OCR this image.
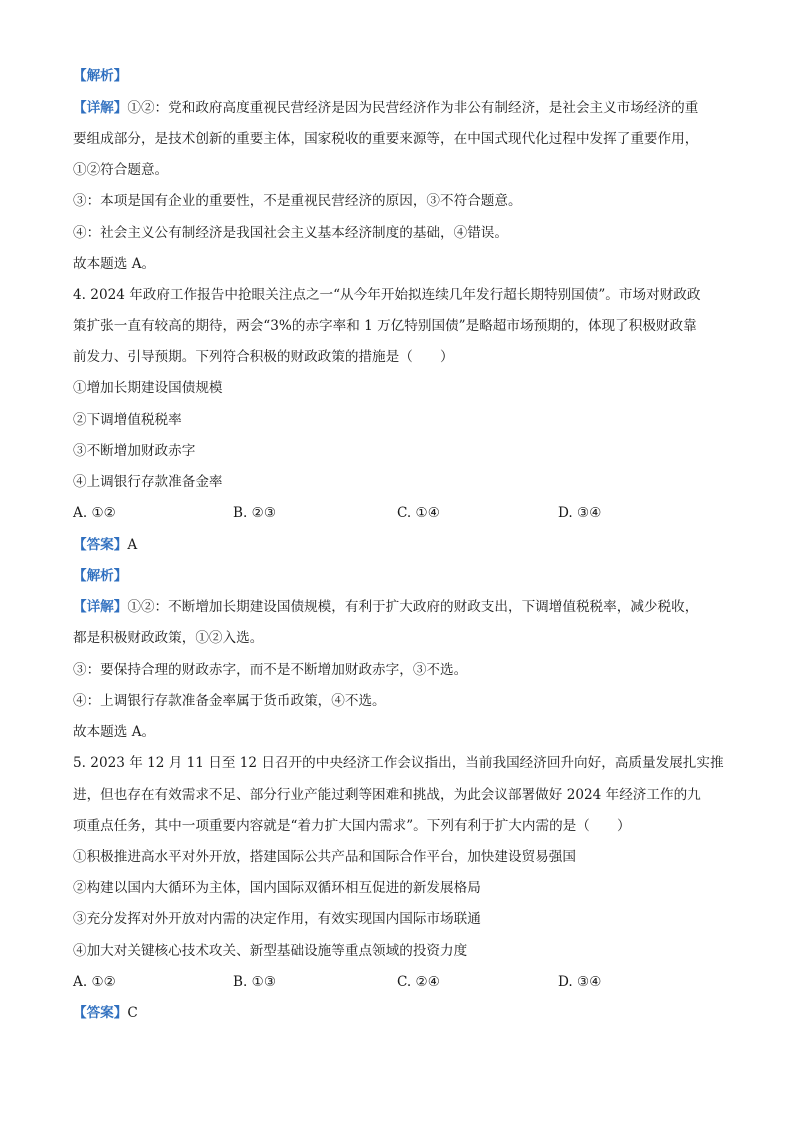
【解析】
【详解】①②：党和政府高度重视民营经济是因为民营经济作为非公有制经济，是社会主义市场经济的重
要组成部分，是技术创新的重要主体，国家税收的重要来源等，在中国式现代化过程中发挥了重要作用，
①②符合题意。
③：本项是国有企业的重要性，不是重视民营经济的原因，③不符合题意。
④：社会主义公有制经济是我国社会主义基本经济制度的基础，④错误。
故本题选 A。
4. 2024 年政府工作报告中抢眼关注点之一“从今年开始拟连续几年发行超长期特别国债”。市场对财政政
策扩张一直有较高的期待，两会“3%的赤字率和 1 万亿特别国债”是略超市场预期的，体现了积极财政靠
前发力、引导预期。下列符合积极的财政政策的措施是（　　）
①增加长期建设国债规模
②下调增值税税率
③不断增加财政赤字
④上调银行存款准备金率
A. ①②	B. ②③	C. ①④	D. ③④
【答案】A
【解析】
【详解】①②：不断增加长期建设国债规模，有利于扩大政府的财政支出，下调增值税税率，减少税收，
都是积极财政政策，①②入选。
③：要保持合理的财政赤字，而不是不断增加财政赤字，③不选。
④：上调银行存款准备金率属于货币政策，④不选。
故本题选 A。
5. 2023 年 12 月 11 日至 12 日召开的中央经济工作会议指出，当前我国经济回升向好，高质量发展扎实推
进，但也存在有效需求不足、部分行业产能过剩等困难和挑战，为此会议部署做好 2024 年经济工作的九
项重点任务，其中一项重要内容就是“着力扩大国内需求”。下列有利于扩大内需的是（　　）
①积极推进高水平对外开放，搭建国际公共产品和国际合作平台，加快建设贸易强国
②构建以国内大循环为主体，国内国际双循环相互促进的新发展格局
③充分发挥对外开放对内需的决定作用，有效实现国内国际市场联通
④加大对关键核心技术攻关、新型基础设施等重点领域的投资力度
A. ①②	B. ①③	C. ②④	D. ③④
【答案】C
